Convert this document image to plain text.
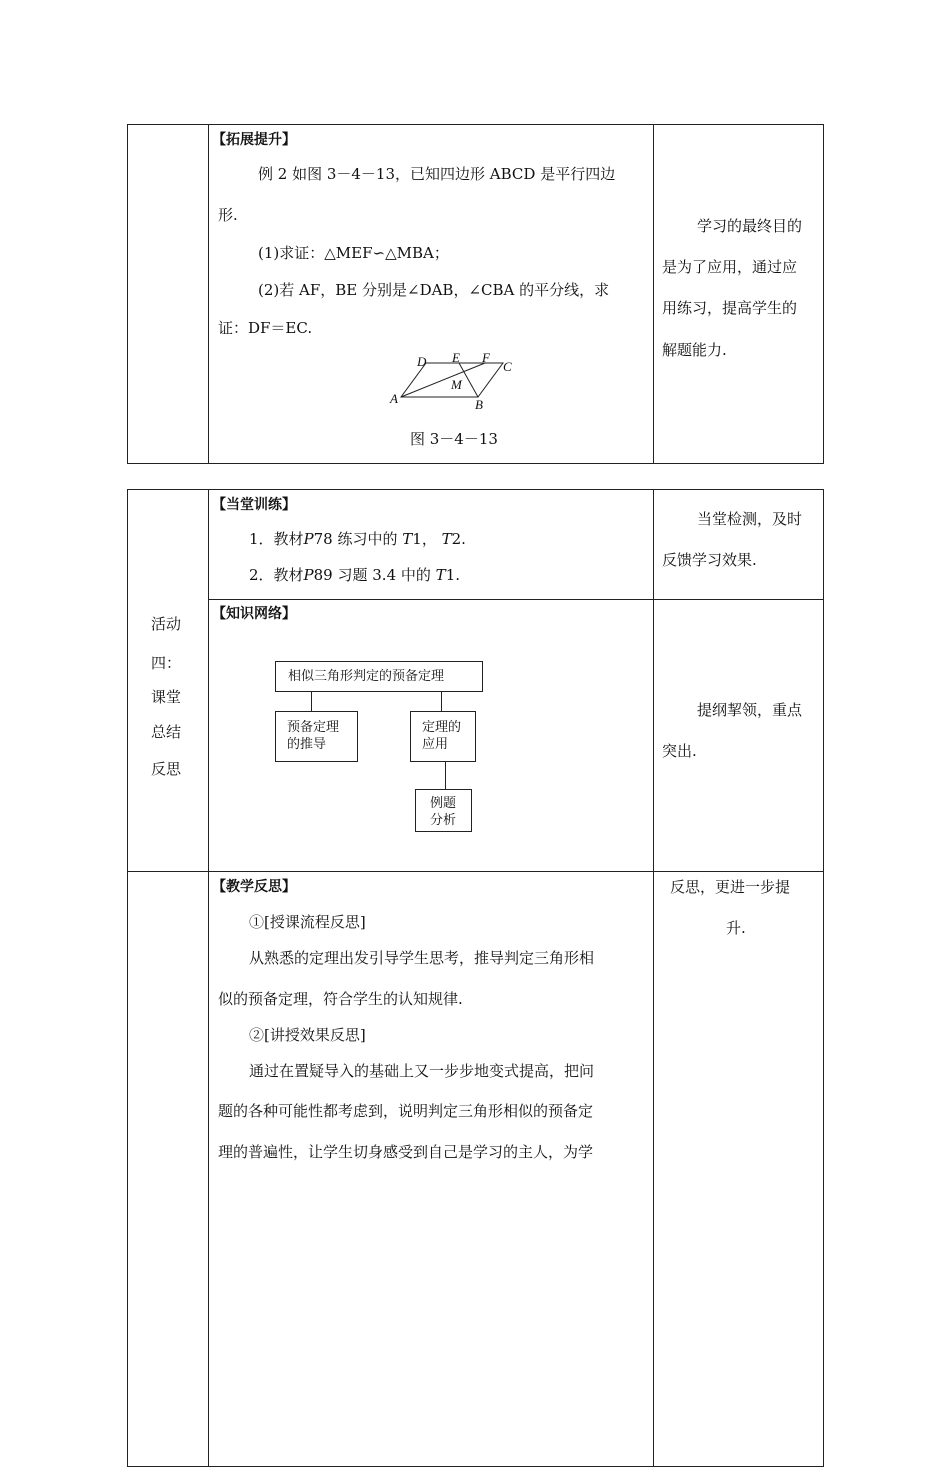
【拓展提升】
例 2 如图 3－4－13，已知四边形 ABCD 是平行四边
形.
(1)求证：△MEF∽△MBA；
(2)若 AF，BE 分别是∠DAB，∠CBA 的平分线，求
证：DF＝EC.
D E F
C
M
A	B
图 3－4－13
学习的最终目的
是为了应用，通过应
用练习，提高学生的
解题能力.
活动
四：
课堂
总结
反思
【当堂训练】
1．教材P78 练习中的 T1， T2.
2．教材P89 习题 3.4 中的 T1.
当堂检测，及时
反馈学习效果.
【知识网络】
相似三角形判定的预备定理
预备定理
的推导
定理的
应用
例题
分析
提纲挈领，重点
突出.
【教学反思】
①[授课流程反思]
从熟悉的定理出发引导学生思考，推导判定三角形相
似的预备定理，符合学生的认知规律.
②[讲授效果反思]
通过在置疑导入的基础上又一步步地变式提高，把问
题的各种可能性都考虑到，说明判定三角形相似的预备定
理的普遍性，让学生切身感受到自己是学习的主人，为学
反思，更进一步提
升.
